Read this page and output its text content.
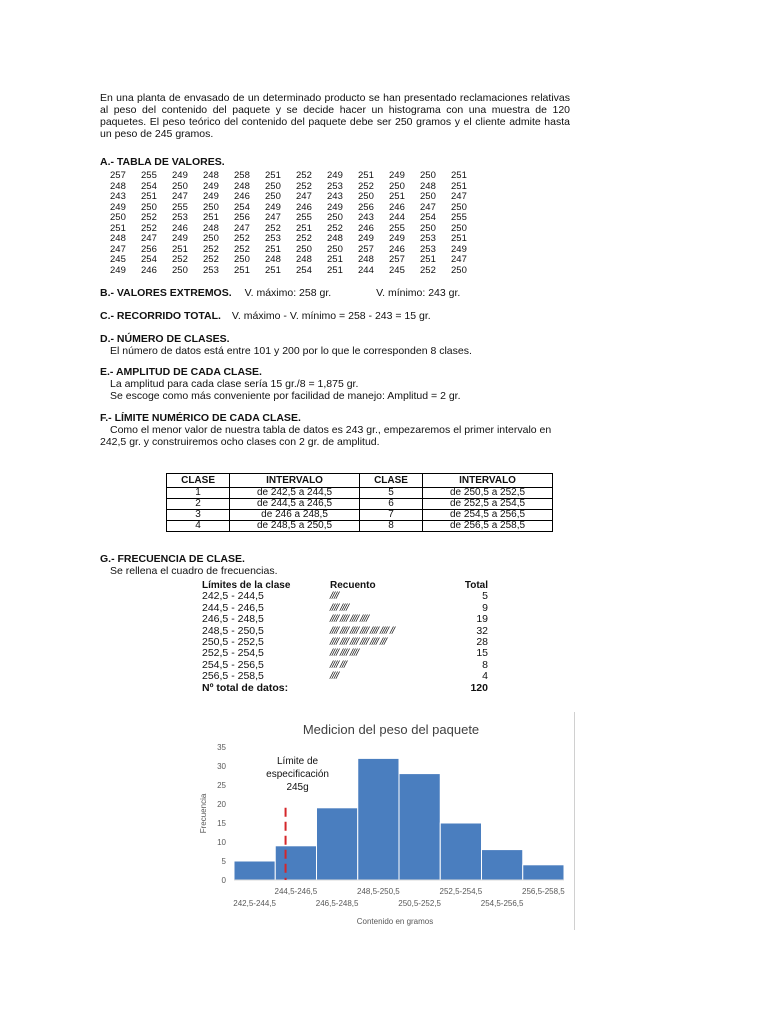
En una planta de envasado de un determinado producto se han presentado reclamaciones relativas al peso del contenido del paquete y se decide hacer un histograma con una muestra de 120 paquetes. El peso teórico del contenido del paquete debe ser 250 gramos y el cliente admite hasta un peso de 245 gramos.
A.- TABLA DE VALORES.
257	255	249	248	258	251	252	249	251	249	250	251
248	254	250	249	248	250	252	253	252	250	248	251
243	251	247	249	246	250	247	243	250	251	250	247
249	250	255	250	254	249	246	249	256	246	247	250
250	252	253	251	256	247	255	250	243	244	254	255
251	252	246	248	247	252	251	252	246	255	250	250
248	247	249	250	252	253	252	248	249	249	253	251
247	256	251	252	252	251	250	250	257	246	253	249
245	254	252	252	250	248	248	251	248	257	251	247
249	246	250	253	251	251	254	251	244	245	252	250
B.- VALORES EXTREMOS. V. máximo: 258 gr.	V. mínimo: 243 gr.
C.- RECORRIDO TOTAL. V. máximo - V. mínimo = 258 - 243 = 15 gr.
D.- NÚMERO DE CLASES.
El número de datos está entre 101 y 200 por lo que le corresponden 8 clases.
E.- AMPLITUD DE CADA CLASE.
La amplitud para cada clase sería 15 gr./8 = 1,875 gr.
Se escoge como más conveniente por facilidad de manejo: Amplitud = 2 gr.
F.- LÍMITE NUMÉRICO DE CADA CLASE.
Como el menor valor de nuestra tabla de datos es 243 gr., empezaremos el primer intervalo en 242,5 gr. y construiremos ocho clases con 2 gr. de amplitud.
CLASE	INTERVALO	CLASE	INTERVALO
1	de 242,5 a 244,5	5	de 250,5 a 252,5
2	de 244,5 a 246,5	6	de 252,5 a 254,5
3	de 246 a 248,5	7	de 254,5 a 256,5
4	de 248,5 a 250,5	8	de 256,5 a 258,5
G.- FRECUENCIA DE CLASE.
Se rellena el cuadro de frecuencias.
Límites de la clase	Recuento	Total
242,5 - 244,5	////	5
244,5 - 246,5	//// ////	9
246,5 - 248,5	//// //// //// ////	19
248,5 - 250,5	//// //// //// //// //// //// //	32
250,5 - 252,5	//// //// //// //// //// ///	28
252,5 - 254,5	//// //// ////	15
254,5 - 256,5	//// ///	8
256,5 - 258,5	////	4
Nº total de datos:		120
Medicion del peso del paquete
0
5
10
15
20
25
30
35
Frecuencia
242,5-244,5
244,5-246,5
246,5-248,5
248,5-250,5
250,5-252,5
252,5-254,5
254,5-256,5
256,5-258,5
Contenido en gramos
Límite de
especificación
245g
